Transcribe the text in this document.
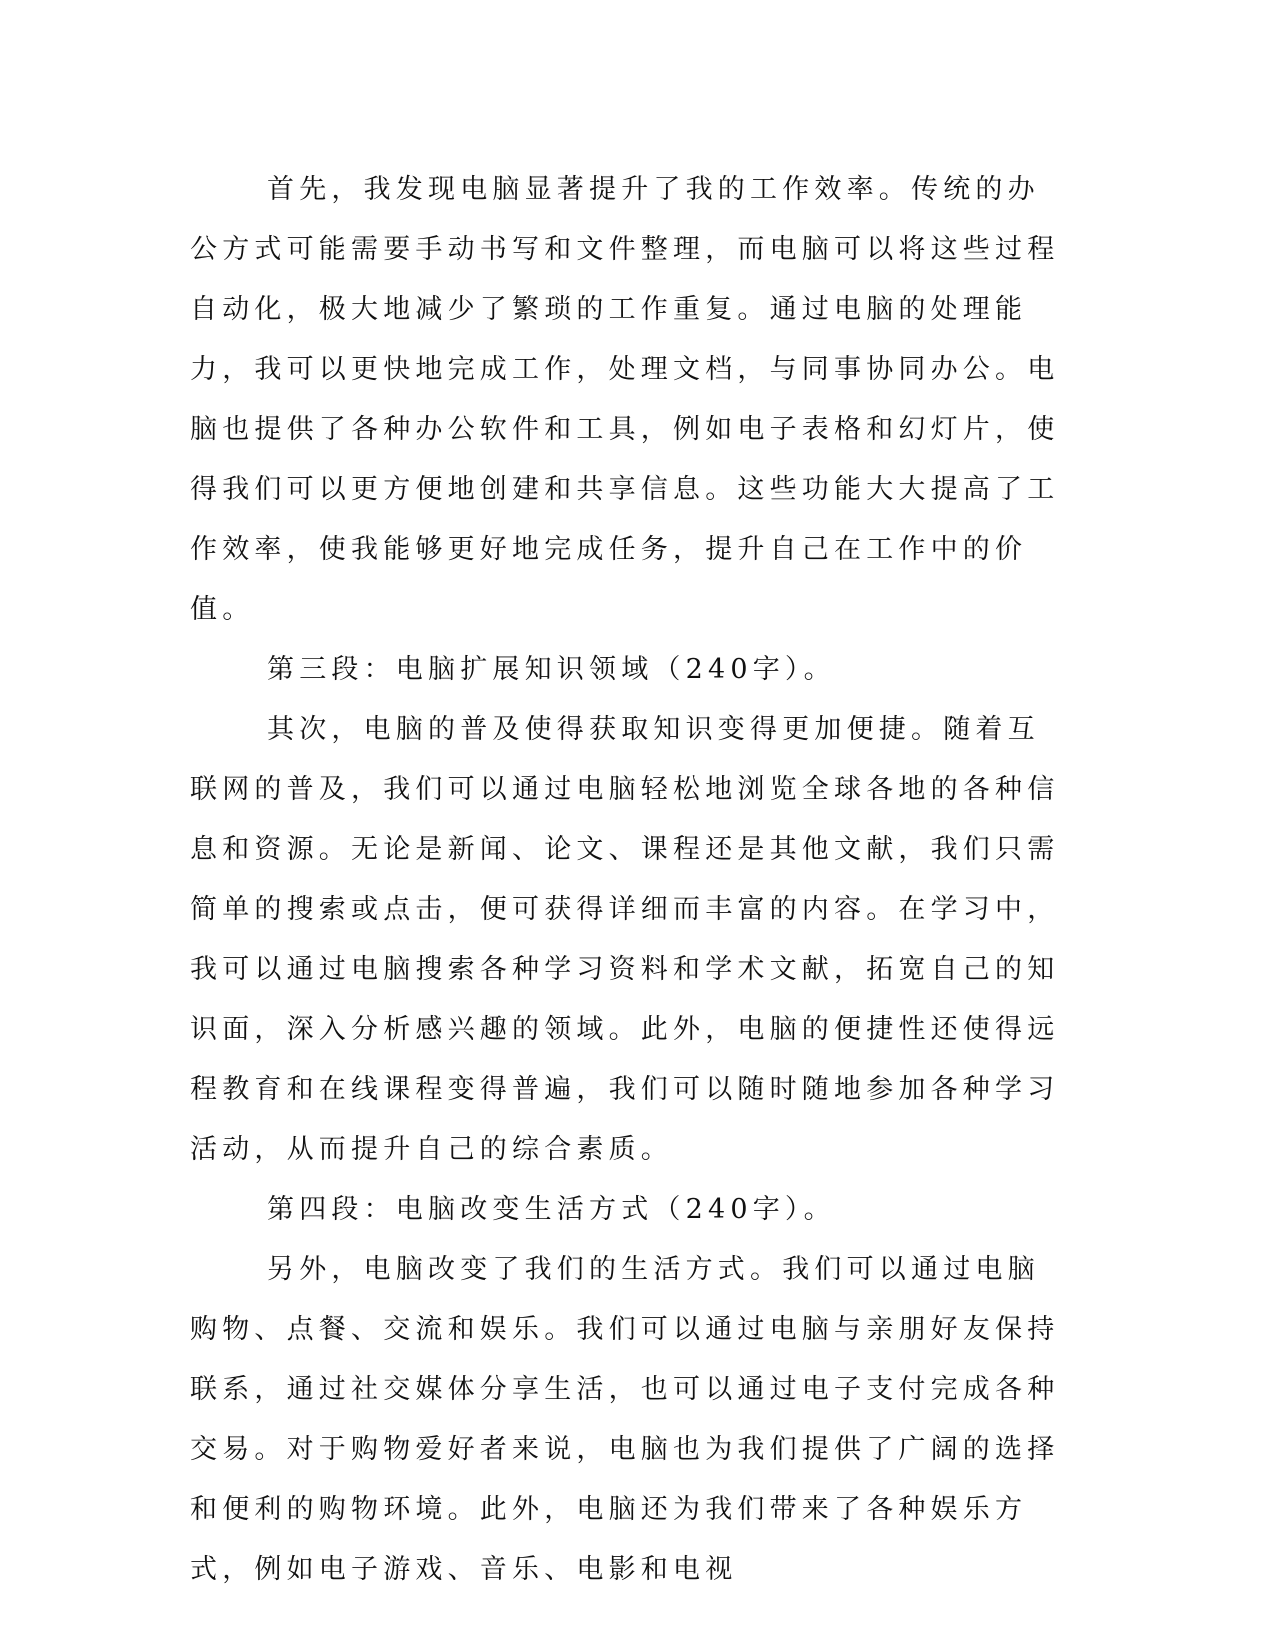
首先，我发现电脑显著提升了我的工作效率。传统的办公方式可能需要手动书写和文件整理，而电脑可以将这些过程自动化，极大地减少了繁琐的工作重复。通过电脑的处理能力，我可以更快地完成工作，处理文档，与同事协同办公。电脑也提供了各种办公软件和工具，例如电子表格和幻灯片，使得我们可以更方便地创建和共享信息。这些功能大大提高了工作效率，使我能够更好地完成任务，提升自己在工作中的价值。

第三段：电脑扩展知识领域（240字）。

其次，电脑的普及使得获取知识变得更加便捷。随着互联网的普及，我们可以通过电脑轻松地浏览全球各地的各种信息和资源。无论是新闻、论文、课程还是其他文献，我们只需简单的搜索或点击，便可获得详细而丰富的内容。在学习中，我可以通过电脑搜索各种学习资料和学术文献，拓宽自己的知识面，深入分析感兴趣的领域。此外，电脑的便捷性还使得远程教育和在线课程变得普遍，我们可以随时随地参加各种学习活动，从而提升自己的综合素质。

第四段：电脑改变生活方式（240字）。

另外，电脑改变了我们的生活方式。我们可以通过电脑购物、点餐、交流和娱乐。我们可以通过电脑与亲朋好友保持联系，通过社交媒体分享生活，也可以通过电子支付完成各种交易。对于购物爱好者来说，电脑也为我们提供了广阔的选择和便利的购物环境。此外，电脑还为我们带来了各种娱乐方式，例如电子游戏、音乐、电影和电视
